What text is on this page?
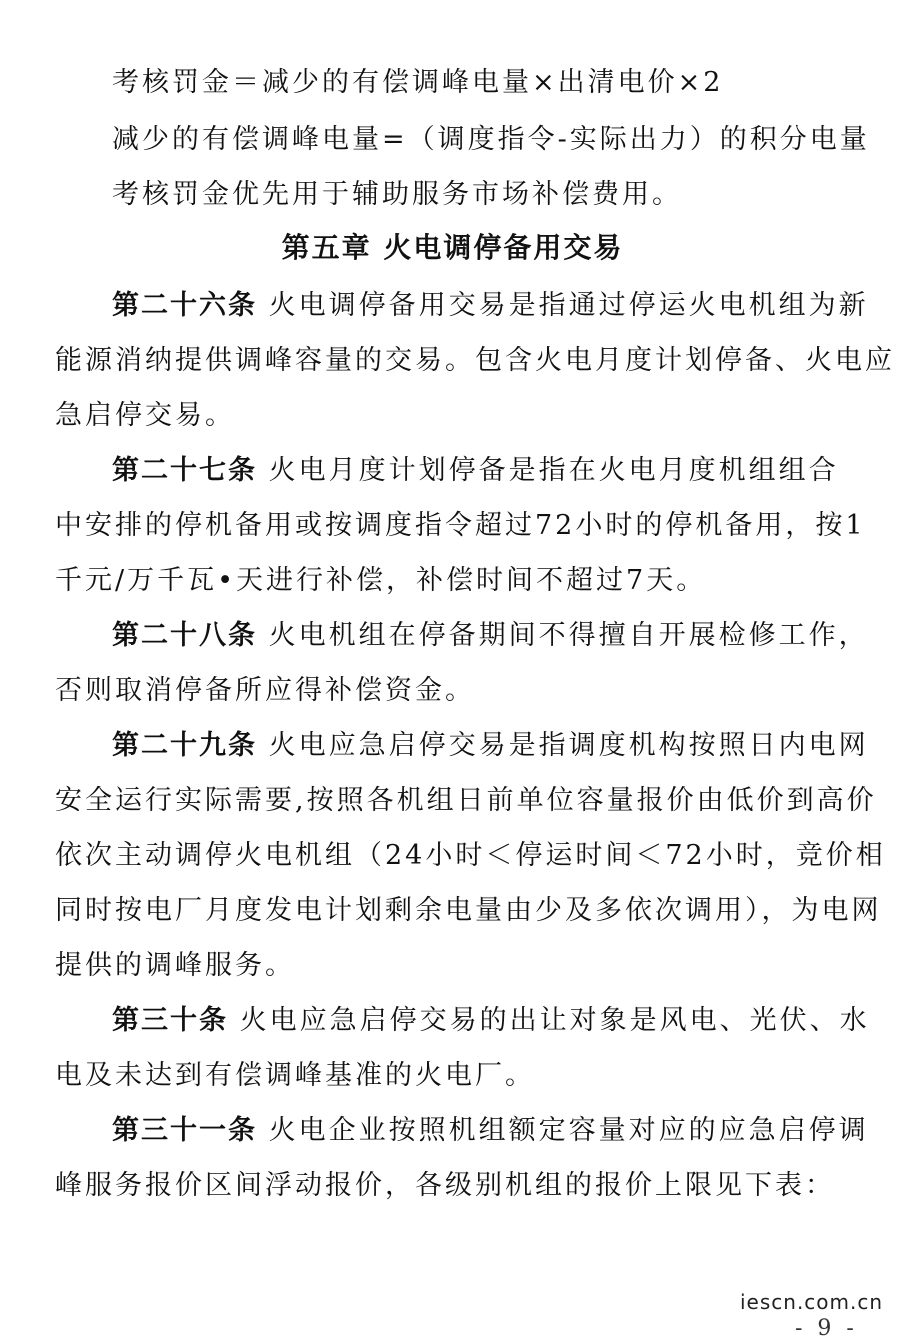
考核罚金＝减少的有偿调峰电量×出清电价×2
减少的有偿调峰电量=（调度指令-实际出力）的积分电量
考核罚金优先用于辅助服务市场补偿费用。
第五章 火电调停备用交易
第二十六条 火电调停备用交易是指通过停运火电机组为新
能源消纳提供调峰容量的交易。包含火电月度计划停备、火电应
急启停交易。
第二十七条 火电月度计划停备是指在火电月度机组组合
中安排的停机备用或按调度指令超过72小时的停机备用，按1
千元/万千瓦•天进行补偿，补偿时间不超过7天。
第二十八条 火电机组在停备期间不得擅自开展检修工作，
否则取消停备所应得补偿资金。
第二十九条 火电应急启停交易是指调度机构按照日内电网
安全运行实际需要,按照各机组日前单位容量报价由低价到高价
依次主动调停火电机组（24小时＜停运时间＜72小时，竞价相
同时按电厂月度发电计划剩余电量由少及多依次调用），为电网
提供的调峰服务。
第三十条 火电应急启停交易的出让对象是风电、光伏、水
电及未达到有偿调峰基准的火电厂。
第三十一条 火电企业按照机组额定容量对应的应急启停调
峰服务报价区间浮动报价，各级别机组的报价上限见下表：
iescn.com.cn
- 9 -
